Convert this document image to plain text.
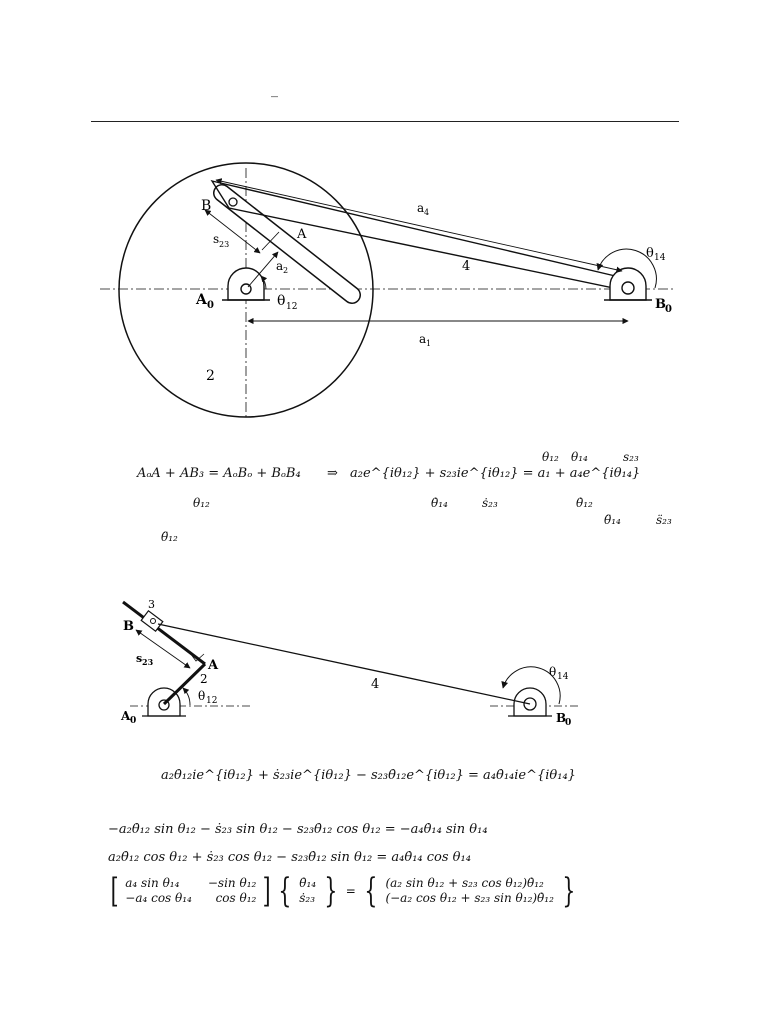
_
B
A
A 0	B 0
a 4
a 1
a 2
s 23
4
2
θ 12
θ 14
θ₁₂ θ₁₄	s₂₃
AₒA + AB₃ = AₒBₒ + BₒB₄ ⇒ a₂e^{iθ₁₂} + s₂₃ie^{iθ₁₂} = a₁ + a₄e^{iθ₁₄}
θ₁₂	θ̇₁₄	ṡ₂₃	θ̇₁₂
θ̈₁₄	s̈₂₃
θ̈₁₂
3
B
A
2
A 0	B
0
s 23
4
θ 12
θ 14
a₂θ̇₁₂ie^{iθ₁₂} + ṡ₂₃ie^{iθ₁₂} − s₂₃θ̇₁₂e^{iθ₁₂} = a₄θ̇₁₄ie^{iθ₁₄}
−a₂θ̇₁₂ sin θ₁₂ − ṡ₂₃ sin θ₁₂ − s₂₃θ̇₁₂ cos θ₁₂ = −a₄θ̇₁₄ sin θ₁₄
a₂θ̇₁₂ cos θ₁₂ + ṡ₂₃ cos θ₁₂ − s₂₃θ̇₁₂ sin θ₁₂ = a₄θ̇₁₄ cos θ₁₄
[ a₄ sin θ₁₄
−a₄ cos θ₁₄
−sin θ₁₂
cos θ₁₂ ] { θ̇₁₄
ṡ₂₃ } = { (a₂ sin θ₁₂ + s₂₃ cos θ₁₂)θ̇₁₂
(−a₂ cos θ₁₂ + s₂₃ sin θ₁₂)θ̇₁₂ }
